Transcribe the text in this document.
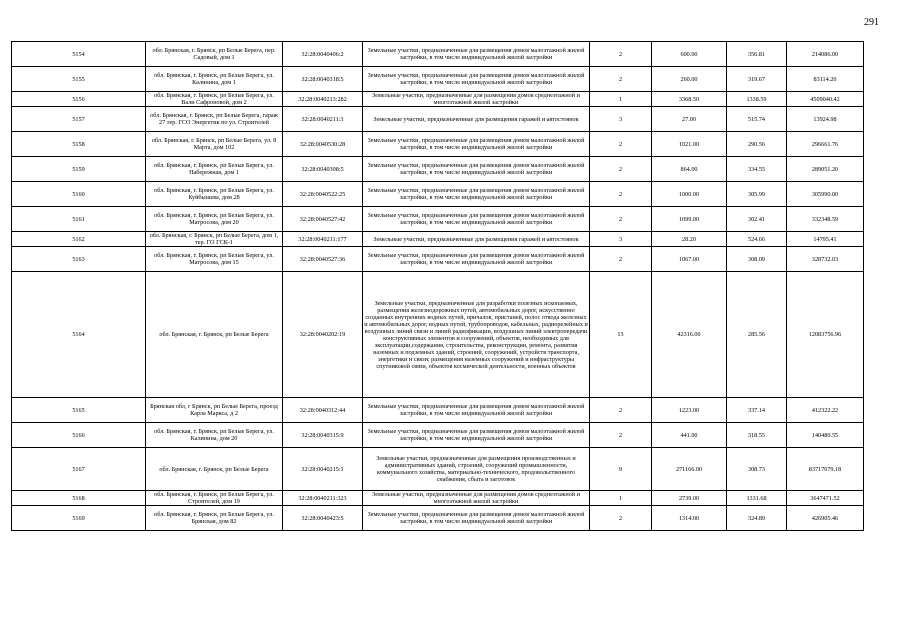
291
5154	обл. Брянская, г. Брянск, рп Белые Берега, пер. Садовый, дом 1	32:28:0040406:2	Земельные участки, предназначенные для размещения домов малоэтажной жилой застройки, в том числе индивидуальной жилой застройки	2	600.00	356.81	214086.00
5155	обл. Брянская, г. Брянск, рп Белые Берега, ул. Калинина, дом 1	32:28:0040318:5	Земельные участки, предназначенные для размещения домов малоэтажной жилой застройки, в том числе индивидуальной жилой застройки	2	260.00	319.67	83114.20
5156	обл. Брянская, г. Брянск, рп Белые Берега, ул. Вали Сафроновой, дом 2	32:28:0040213:282	Земельные участки, предназначенные для размещения домов среднеэтажной и многоэтажной жилой застройки	1	3368.50	1338.59	4509040.42
5157	обл. Брянская, г. Брянск, рп Белые Берега, гараж 27 тер. ГСО Энергетик по ул. Строителей	32:28:0040211:3	Земельные участки, предназначенные для размещения гаражей и автостоянок	3	27.00	515.74	13924.98
5158	обл. Брянская, г. Брянск, рп Белые Берега, ул. 8 Марта, дом 102	32:28:0040530:28	Земельные участки, предназначенные для размещения домов малоэтажной жилой застройки, в том числе индивидуальной жилой застройки	2	1021.00	290.56	296661.76
5159	обл. Брянская, г. Брянск, рп Белые Берега, ул. Набережная, дом 1	32:28:0040308:5	Земельные участки, предназначенные для размещения домов малоэтажной жилой застройки, в том числе индивидуальной жилой застройки	2	864.00	334.55	289051.20
5160	обл. Брянская, г. Брянск, рп Белые Берега, ул. Куйбышева, дом 28	32:28:0040522:25	Земельные участки, предназначенные для размещения домов малоэтажной жилой застройки, в том числе индивидуальной жилой застройки	2	1000.00	305.99	305990.00
5161	обл. Брянская, г. Брянск, рп Белые Берега, ул. Матросова, дом 20	32:28:0040527:42	Земельные участки, предназначенные для размещения домов малоэтажной жилой застройки, в том числе индивидуальной жилой застройки	2	1099.00	302.41	332348.59
5162	обл. Брянская, г. Брянск, рп Белые Берега, дом 1, тер. ГО ГСК-1	32:28:0040211:177	Земельные участки, предназначенные для размещения гаражей и автостоянок	3	28.20	524.66	14795.41
5163	обл. Брянская, г. Брянск, рп Белые Берега, ул. Матросова, дом 15	32:28:0040527:36	Земельные участки, предназначенные для размещения домов малоэтажной жилой застройки, в том числе индивидуальной жилой застройки	2	1067.00	308.09	328732.03
5164	обл. Брянская, г. Брянск, рп Белые Берега	32:28:0040202:19	Земельные участки, предназначенные для разработки полезных ископаемых, размещения железнодорожных путей, автомобильных дорог, искусственно созданных внутренних водных путей, причалов, пристаней, полос отвода железных и автомобильных дорог, водных путей, трубопроводов, кабельных, радиорелейных и воздушных линий связи и линий радиофикации, воздушных линий электропередачи конструктивных элементов и сооружений, объектов, необходимых для эксплуатации,содержания, строительства, реконструкции, ремонта, развития наземных и подземных зданий, строений, сооружений, устройств транспорта, энергетики и связи; размещения наземных сооружений и инфраструктуры спутниковой связи, объектов космической деятельности, военных объектов	13	42316.00	285.56	12083756.96
5165	Брянская обл, г Брянск, рп Белые Берега, проезд Карла Маркса, д 2	32:28:0040312:44	Земельные участки, предназначенные для размещения домов малоэтажной жилой застройки, в том числе индивидуальной жилой застройки	2	1223.00	337.14	412322.22
5166	обл. Брянская, г. Брянск, рп Белые Берега, ул. Калинина, дом 20	32:28:0040315:9	Земельные участки, предназначенные для размещения домов малоэтажной жилой застройки, в том числе индивидуальной жилой застройки	2	441.00	318.55	140480.55
5167	обл. Брянская, г. Брянск, рп Белые Берега	32:28:0040215:1	Земельные участки, предназначенные для размещения производственных и административных зданий, строений, сооружений промышленности, коммунального хозяйства, материально-технического, продовольственного снабжения, сбыта и заготовок	9	271166.00	308.73	83717079.18
5168	обл. Брянская, г. Брянск, рп Белые Берега, ул. Строителей, дом 19	32:28:0040211:323	Земельные участки, предназначенные для размещения домов среднеэтажной и многоэтажной жилой застройки	1	2739.00	1331.68	3647471.52
5169	обл. Брянская, г. Брянск, рп Белые Берега, ул. Брянская, дом 82	32:28:0040423:5	Земельные участки, предназначенные для размещения домов малоэтажной жилой застройки, в том числе индивидуальной жилой застройки	2	1314.00	324.89	426905.46
